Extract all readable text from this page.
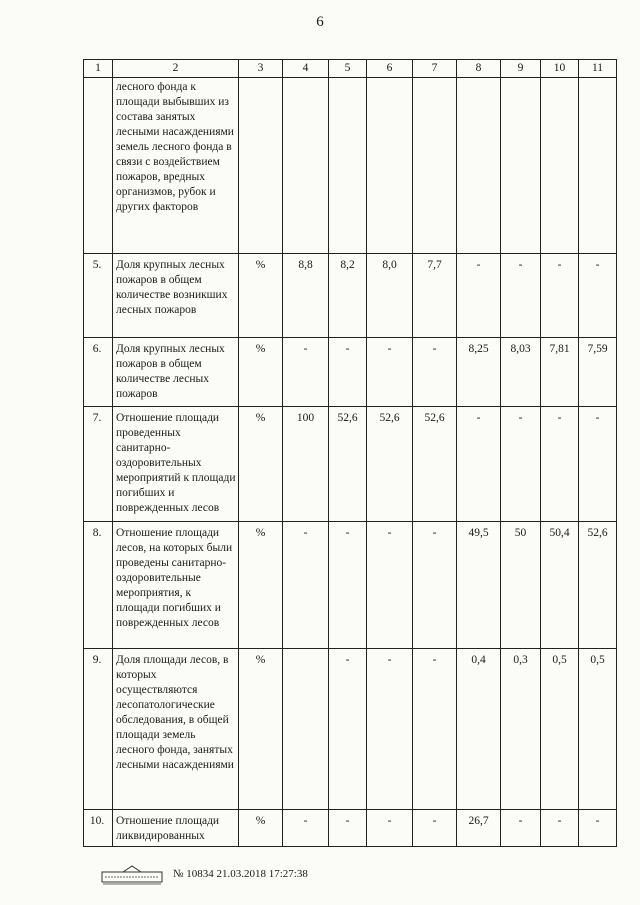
6
1	2	3	4	5	6	7	8	9	10	11
	лесного фонда к площади выбывших из состава занятых лесными насаждениями земель лесного фонда в связи с воздействием пожаров, вредных организмов, рубок и других факторов									
5.	Доля крупных лесных пожаров в общем количестве возникших лесных пожаров	%	8,8	8,2	8,0	7,7	-	-	-	-
6.	Доля крупных лесных пожаров в общем количестве лесных пожаров	%	-	-	-	-	8,25	8,03	7,81	7,59
7.	Отношение площади проведенных санитарно-оздоровительных мероприятий к площади погибших и поврежденных лесов	%	100	52,6	52,6	52,6	-	-	-	-
8.	Отношение площади лесов, на которых были проведены санитарно-оздоровительные мероприятия, к площади погибших и поврежденных лесов	%	-	-	-	-	49,5	50	50,4	52,6
9.	Доля площади лесов, в которых осуществляются лесопатологические обследования, в общей площади земель лесного фонда, занятых лесными насаждениями	%		-	-	-	0,4	0,3	0,5	0,5
10.	Отношение площади ликвидированных	%	-	-	-	-	26,7	-	-	-
№ 10834 21.03.2018 17:27:38
